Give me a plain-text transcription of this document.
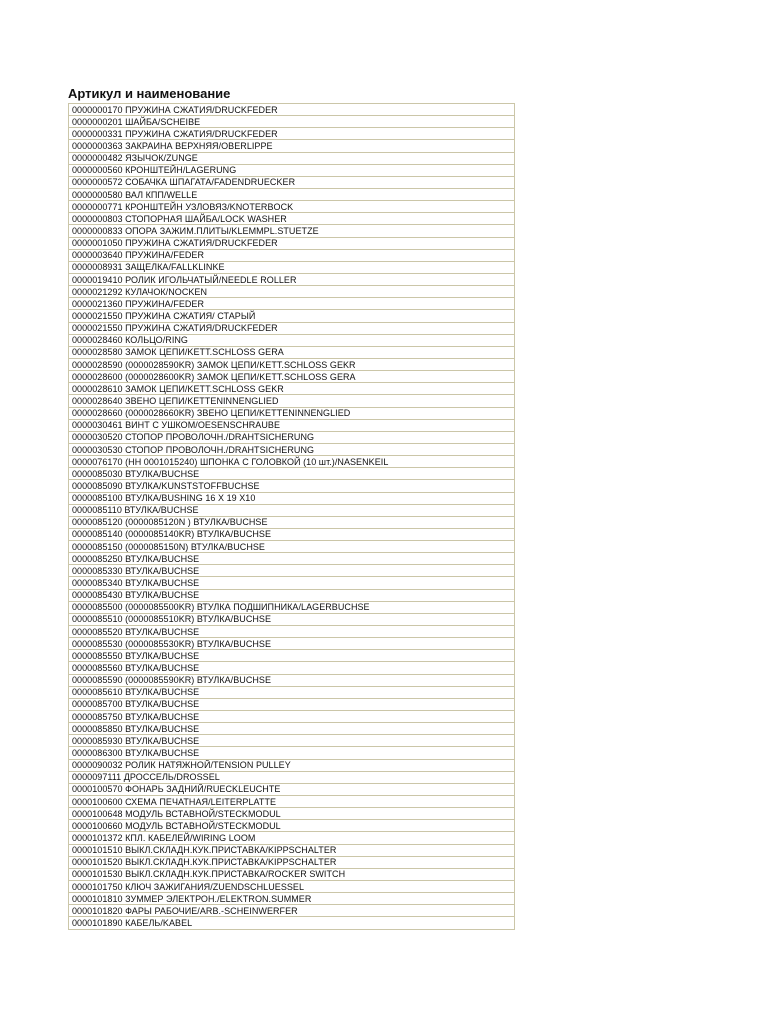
Артикул и наименование
0000000170 ПРУЖИНА СЖАТИЯ/DRUCKFEDER
0000000201 ШАЙБА/SCHEIBE
0000000331 ПРУЖИНА СЖАТИЯ/DRUCKFEDER
0000000363 ЗАКРАИНА ВЕРХНЯЯ/OBERLIPPE
0000000482 ЯЗЫЧОК/ZUNGE
0000000560 КРОНШТЕЙН/LAGERUNG
0000000572 СОБАЧКА ШПАГАТА/FADENDRUECKER
0000000580 ВАЛ КПП/WELLE
0000000771 КРОНШТЕЙН УЗЛОВЯЗ/KNOTERBOCK
0000000803 СТОПОРНАЯ ШАЙБА/LOCK WASHER
0000000833 ОПОРА ЗАЖИМ.ПЛИТЫ/KLEMMPL.STUETZE
0000001050 ПРУЖИНА СЖАТИЯ/DRUCKFEDER
0000003640 ПРУЖИНА/FEDER
0000008931 ЗАЩЕЛКА/FALLKLINKE
0000019410 РОЛИК ИГОЛЬЧАТЫЙ/NEEDLE ROLLER
0000021292 КУЛАЧОК/NOCKEN
0000021360 ПРУЖИНА/FEDER
0000021550 ПРУЖИНА СЖАТИЯ/ СТАРЫЙ
0000021550 ПРУЖИНА СЖАТИЯ/DRUCKFEDER
0000028460 КОЛЬЦО/RING
0000028580 ЗАМОК ЦЕПИ/KETT.SCHLOSS GERA
0000028590 (0000028590KR) ЗАМОК ЦЕПИ/KETT.SCHLOSS GEKR
0000028600 (0000028600KR) ЗАМОК ЦЕПИ/KETT.SCHLOSS GERA
0000028610 ЗАМОК ЦЕПИ/KETT.SCHLOSS GEKR
0000028640 ЗВЕНО ЦЕПИ/KETTENINNENGLIED
0000028660 (0000028660KR) ЗВЕНО ЦЕПИ/KETTENINNENGLIED
0000030461 ВИНТ С УШКОМ/OESENSCHRAUBE
0000030520 СТОПОР ПРОВОЛОЧН./DRAHTSICHERUNG
0000030530 СТОПОР ПРОВОЛОЧН./DRAHTSICHERUNG
0000076170 (HH 0001015240) ШПОНКА С ГОЛОВКОЙ (10 шт.)/NASENKEIL
0000085030 ВТУЛКА/BUCHSE
0000085090 ВТУЛКА/KUNSTSTOFFBUCHSE
0000085100 ВТУЛКА/BUSHING 16 X 19 X10
0000085110 ВТУЛКА/BUCHSE
0000085120 (0000085120N ) ВТУЛКА/BUCHSE
0000085140 (0000085140KR) ВТУЛКА/BUCHSE
0000085150 (0000085150N) ВТУЛКА/BUCHSE
0000085250 ВТУЛКА/BUCHSE
0000085330 ВТУЛКА/BUCHSE
0000085340 ВТУЛКА/BUCHSE
0000085430 ВТУЛКА/BUCHSE
0000085500 (0000085500KR) ВТУЛКА ПОДШИПНИКА/LAGERBUCHSE
0000085510 (0000085510KR) ВТУЛКА/BUCHSE
0000085520 ВТУЛКА/BUCHSE
0000085530 (0000085530KR) ВТУЛКА/BUCHSE
0000085550 ВТУЛКА/BUCHSE
0000085560 ВТУЛКА/BUCHSE
0000085590 (0000085590KR) ВТУЛКА/BUCHSE
0000085610 ВТУЛКА/BUCHSE
0000085700 ВТУЛКА/BUCHSE
0000085750 ВТУЛКА/BUCHSE
0000085850 ВТУЛКА/BUCHSE
0000085930 ВТУЛКА/BUCHSE
0000086300 ВТУЛКА/BUCHSE
0000090032 РОЛИК НАТЯЖНОЙ/TENSION PULLEY
0000097111 ДРОССЕЛЬ/DROSSEL
0000100570 ФОНАРЬ ЗАДНИЙ/RUECKLEUCHTE
0000100600 СХЕМА ПЕЧАТНАЯ/LEITERPLATTE
0000100648 МОДУЛЬ ВСТАВНОЙ/STECKMODUL
0000100660 МОДУЛЬ ВСТАВНОЙ/STECKMODUL
0000101372 КПЛ. КАБЕЛЕЙ/WIRING LOOM
0000101510 ВЫКЛ.СКЛАДН.КУК.ПРИСТАВКА/KIPPSCHALTER
0000101520 ВЫКЛ.СКЛАДН.КУК.ПРИСТАВКА/KIPPSCHALTER
0000101530 ВЫКЛ.СКЛАДН.КУК.ПРИСТАВКА/ROCKER SWITCH
0000101750 КЛЮЧ ЗАЖИГАНИЯ/ZUENDSCHLUESSEL
0000101810 ЗУММЕР ЭЛЕКТРОН./ELEKTRON.SUMMER
0000101820 ФАРЫ РАБОЧИЕ/ARB.-SCHEINWERFER
0000101890 КАБЕЛЬ/KABEL
